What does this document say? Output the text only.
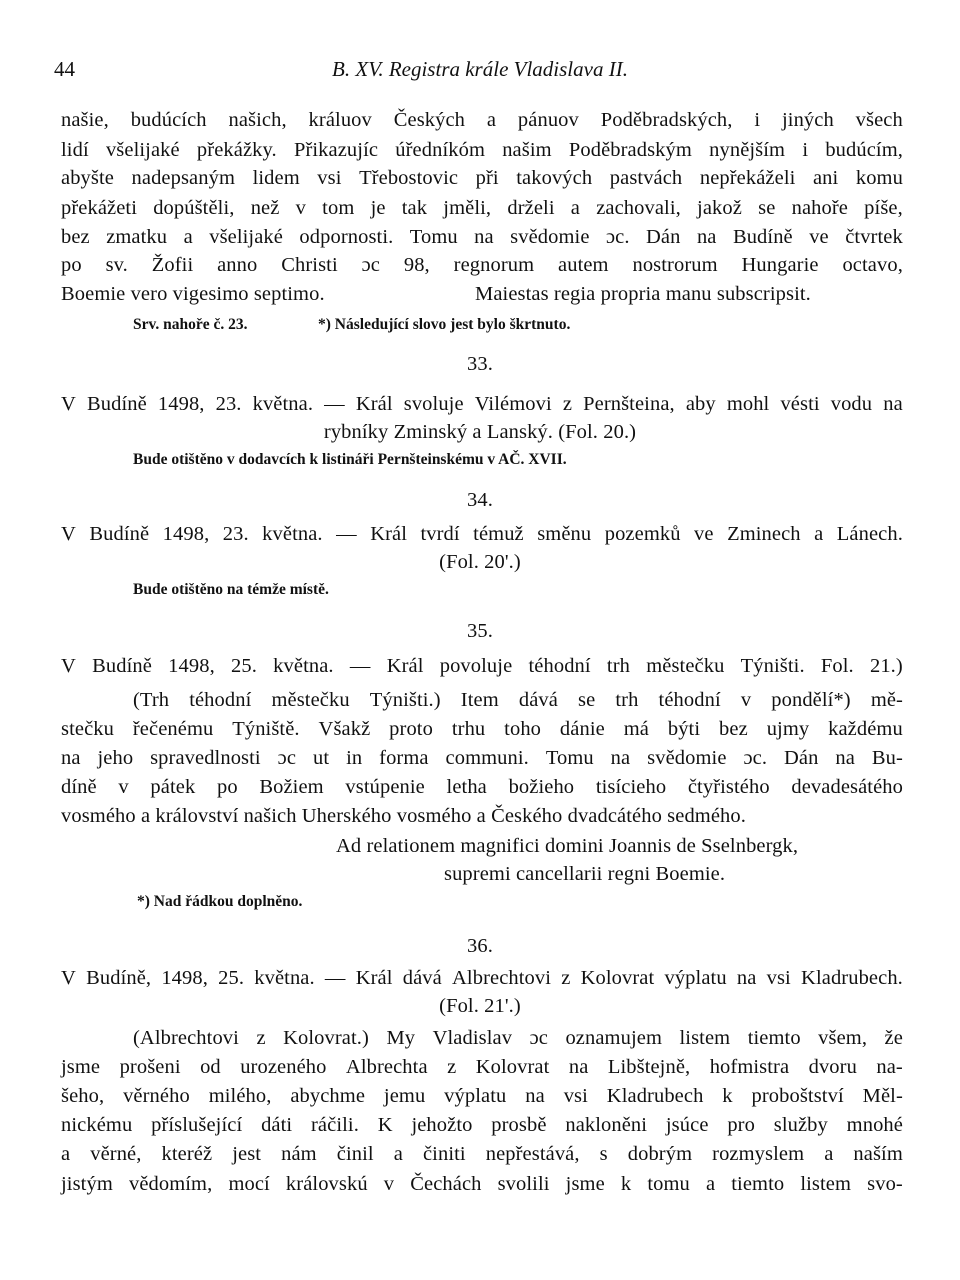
44	B. XV. Registra krále Vladislava II.
našie, budúcích našich, králuov Českých a pánuov Poděbradských, i jiných všech
lidí všelijaké překážky. Přikazujíc úředníkóm našim Poděbradským nynějším i budúcím,
abyšte nadepsaným lidem vsi Třebostovic při takových pastvách nepřekáželi ani komu
překážeti dopúštěli, než v tom je tak jměli, drželi a zachovali, jakož se nahoře píše,
bez zmatku a všelijaké odpornosti. Tomu na svědomie ɔc. Dán na Budíně ve čtvrtek
po sv. Žofii anno Christi ɔc 98, regnorum autem nostrorum Hungarie octavo,
Boemie vero vigesimo septimo.	Maiestas regia propria manu subscripsit.
Srv. nahoře č. 23.	*) Následující slovo jest bylo škrtnuto.
33.
V Budíně 1498, 23. května. — Král svoluje Vilémovi z Pernšteina, aby mohl vésti vodu na
rybníky Zminský a Lanský. (Fol. 20.)
Bude otištěno v dodavcích k listináři Pernšteinskému v AČ. XVII.
34.
V Budíně 1498, 23. května. — Král tvrdí témuž směnu pozemků ve Zminech a Lánech.
(Fol. 20'.)
Bude otištěno na témže místě.
35.
V Budíně 1498, 25. května. — Král povoluje téhodní trh městečku Týništi. Fol. 21.)
(Trh téhodní městečku Týništi.) Item dává se trh téhodní v pondělí*) mě-
stečku řečenému Týniště. Všakž proto trhu toho dánie má býti bez ujmy každému
na jeho spravedlnosti ɔc ut in forma communi. Tomu na svědomie ɔc. Dán na Bu-
díně v pátek po Božiem vstúpenie letha božieho tisícieho čtyřistého devadesátého
vosmého a království našich Uherského vosmého a Českého dvadcátého sedmého.
Ad relationem magnifici domini Joannis de Sselnbergk,
supremi cancellarii regni Boemie.
*) Nad řádkou doplněno.
36.
V Budíně, 1498, 25. května. — Král dává Albrechtovi z Kolovrat výplatu na vsi Kladrubech.
(Fol. 21'.)
(Albrechtovi z Kolovrat.) My Vladislav ɔc oznamujem listem tiemto všem, že
jsme prošeni od urozeného Albrechta z Kolovrat na Libštejně, hofmistra dvoru na-
šeho, věrného milého, abychme jemu výplatu na vsi Kladrubech k proboštství Měl-
nickému příslušející dáti ráčili. K jehožto prosbě nakloněni jsúce pro služby mnohé
a věrné, kteréž jest nám činil a činiti nepřestává, s dobrým rozmyslem a naším
jistým vědomím, mocí královskú v Čechách svolili jsme k tomu a tiemto listem svo-
